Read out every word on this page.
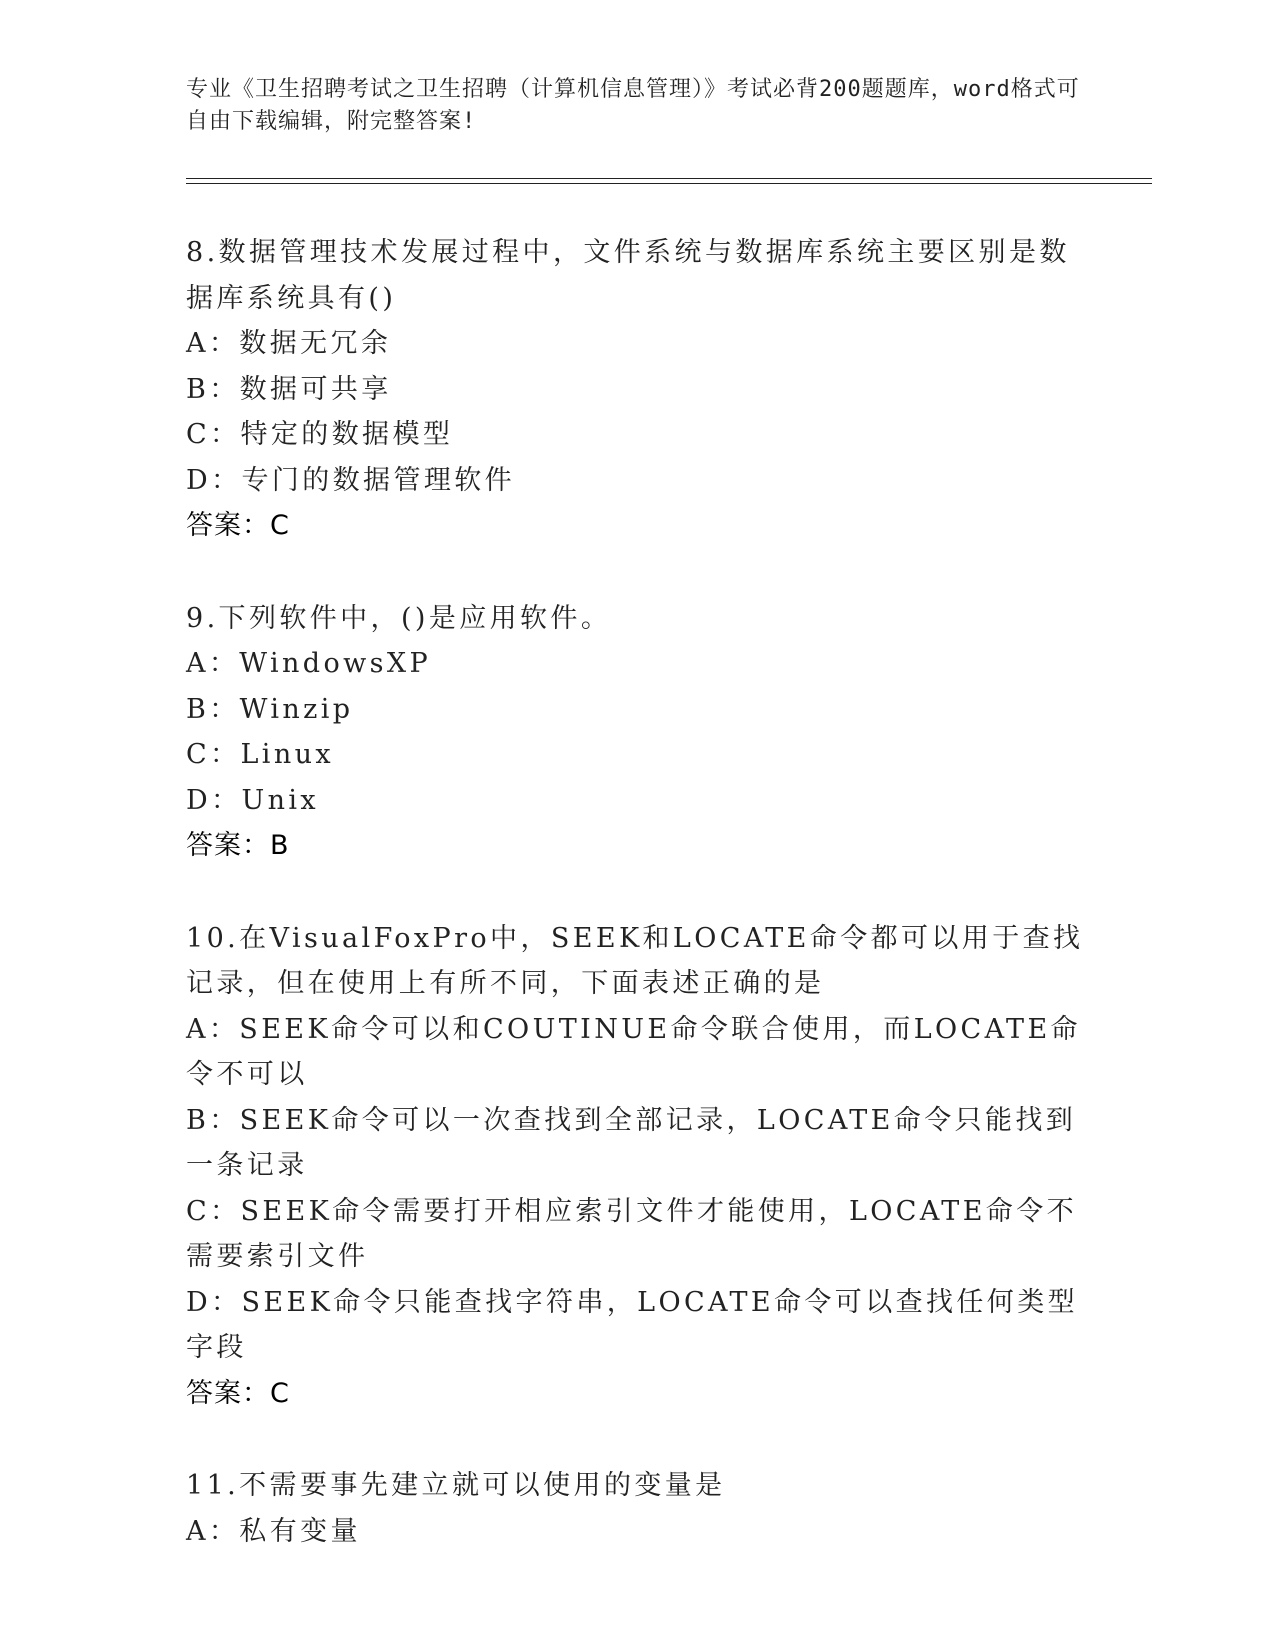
专业《卫生招聘考试之卫生招聘（计算机信息管理）》考试必背200题题库，word格式可自由下载编辑，附完整答案!
8.数据管理技术发展过程中，文件系统与数据库系统主要区别是数据库系统具有()
A：数据无冗余
B：数据可共享
C：特定的数据模型
D：专门的数据管理软件
答案：C
9.下列软件中，()是应用软件。
A：WindowsXP
B：Winzip
C：Linux
D：Unix
答案：B
10.在VisualFoxPro中，SEEK和LOCATE命令都可以用于查找记录，但在使用上有所不同，下面表述正确的是
A：SEEK命令可以和COUTINUE命令联合使用，而LOCATE命令不可以
B：SEEK命令可以一次查找到全部记录，LOCATE命令只能找到一条记录
C：SEEK命令需要打开相应索引文件才能使用，LOCATE命令不需要索引文件
D：SEEK命令只能查找字符串，LOCATE命令可以查找任何类型字段
答案：C
11.不需要事先建立就可以使用的变量是
A：私有变量
